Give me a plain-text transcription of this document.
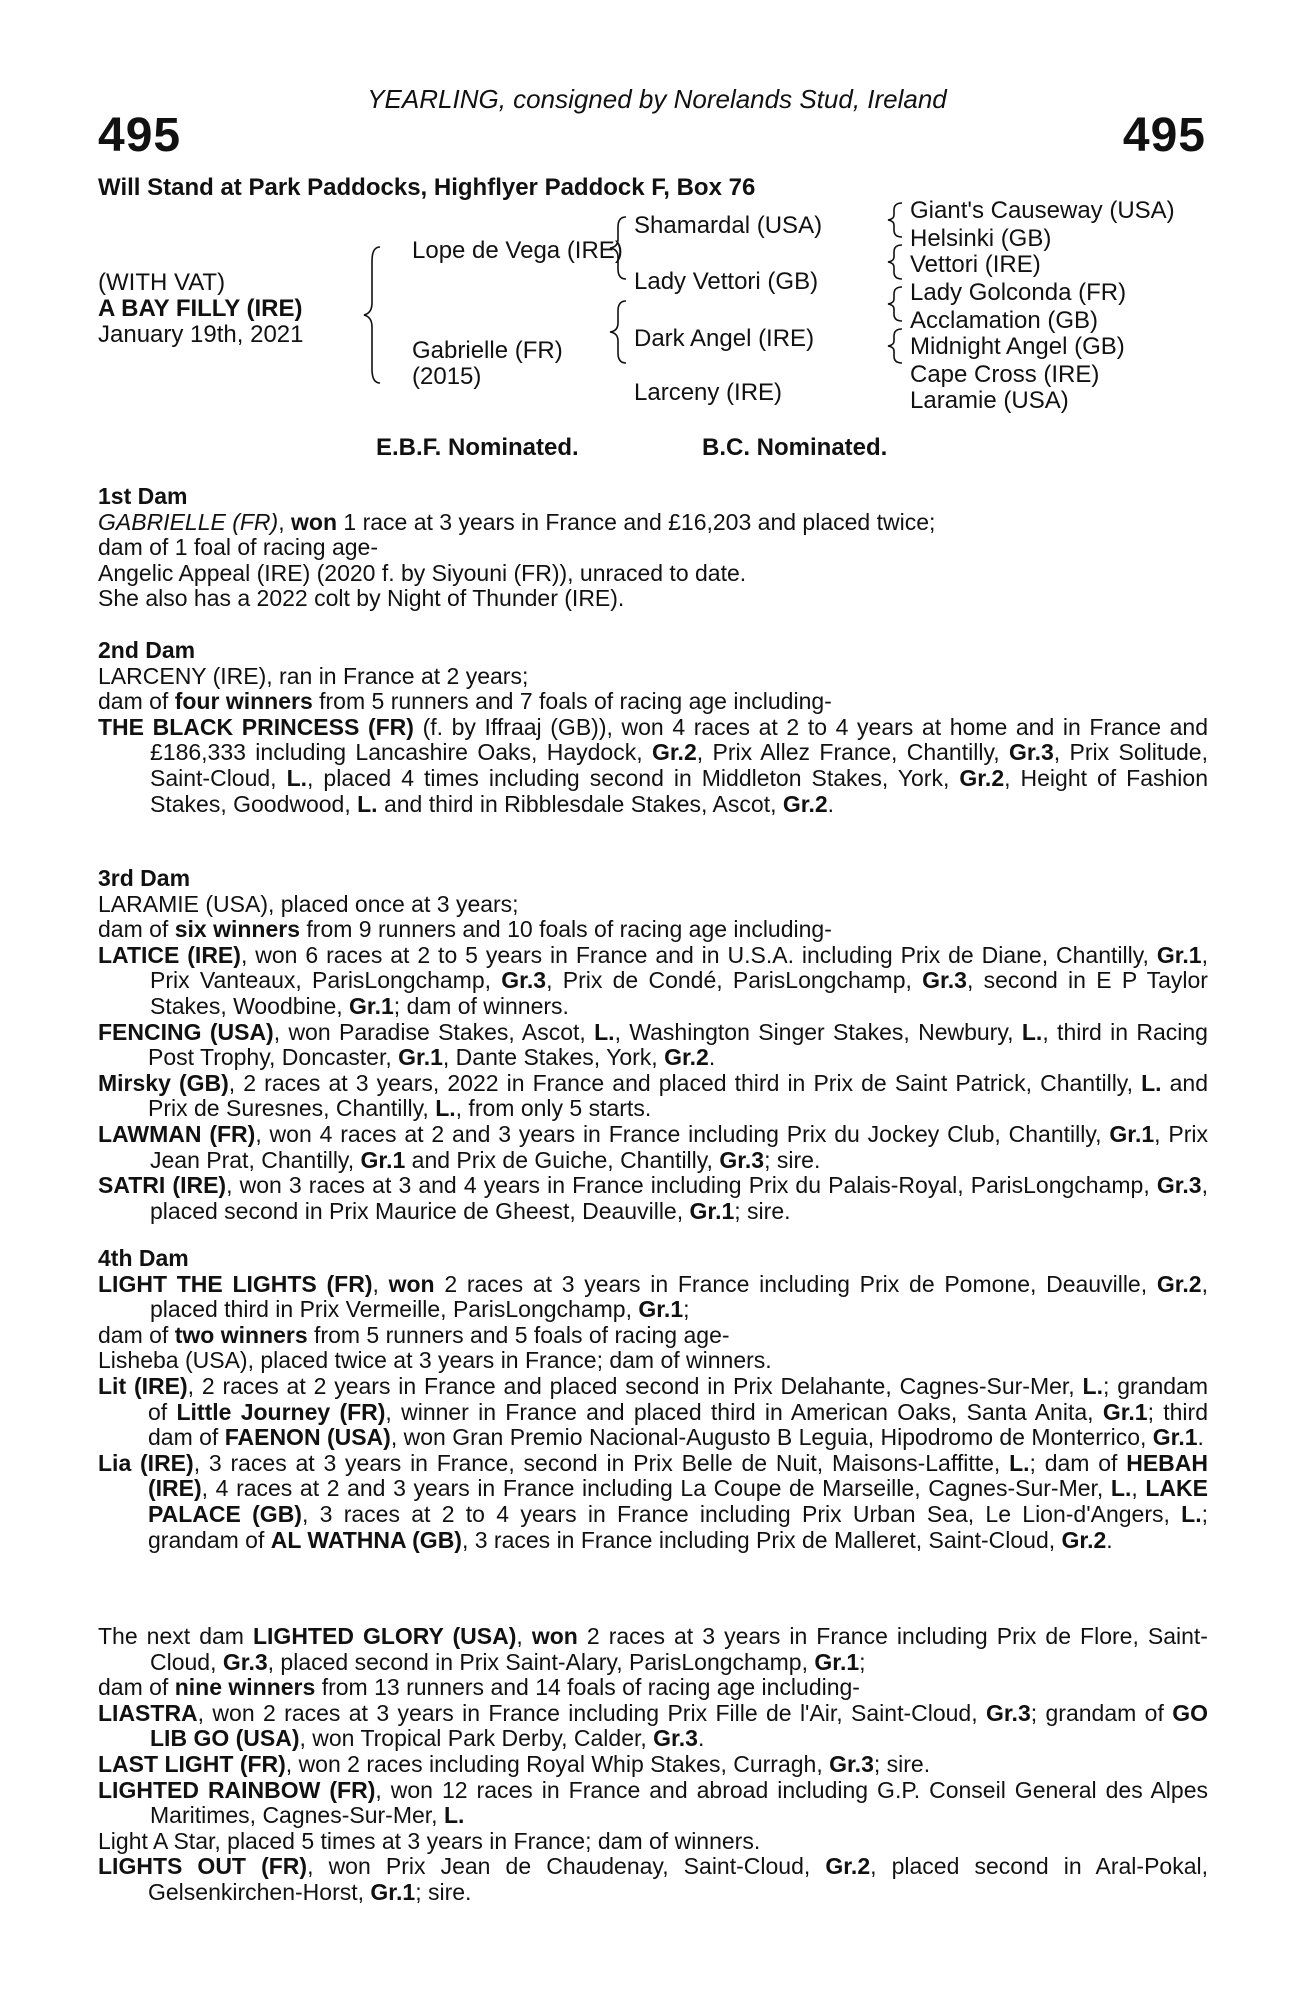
YEARLING, consigned by Norelands Stud, Ireland
495	495
Will Stand at Park Paddocks, Highflyer Paddock F, Box 76
(WITH VAT)
A BAY FILLY (IRE)
January 19th, 2021
Lope de Vega (IRE)
Gabrielle (FR)
(2015)
Shamardal (USA)
Lady Vettori (GB)
Dark Angel (IRE)
Larceny (IRE)
Giant's Causeway (USA)
Helsinki (GB)
Vettori (IRE)
Lady Golconda (FR)
Acclamation (GB)
Midnight Angel (GB)
Cape Cross (IRE)
Laramie (USA)
E.B.F. Nominated.	B.C. Nominated.
1st Dam

GABRIELLE (FR), won 1 race at 3 years in France and £16,203 and placed twice;

dam of 1 foal of racing age-

Angelic Appeal (IRE) (2020 f. by Siyouni (FR)), unraced to date.

She also has a 2022 colt by Night of Thunder (IRE).

2nd Dam

LARCENY (IRE), ran in France at 2 years;

dam of four winners from 5 runners and 7 foals of racing age including-

THE BLACK PRINCESS (FR) (f. by Iffraaj (GB)), won 4 races at 2 to 4 years at home and in France and £186,333 including Lancashire Oaks, Haydock, Gr.2, Prix Allez France, Chantilly, Gr.3, Prix Solitude, Saint-Cloud, L., placed 4 times including second in Middleton Stakes, York, Gr.2, Height of Fashion Stakes, Goodwood, L. and third in Ribblesdale Stakes, Ascot, Gr.2.

3rd Dam

LARAMIE (USA), placed once at 3 years;

dam of six winners from 9 runners and 10 foals of racing age including-

LATICE (IRE), won 6 races at 2 to 5 years in France and in U.S.A. including Prix de Diane, Chantilly, Gr.1, Prix Vanteaux, ParisLongchamp, Gr.3, Prix de Condé, ParisLongchamp, Gr.3, second in E P Taylor Stakes, Woodbine, Gr.1; dam of winners.

FENCING (USA), won Paradise Stakes, Ascot, L., Washington Singer Stakes, Newbury, L., third in Racing Post Trophy, Doncaster, Gr.1, Dante Stakes, York, Gr.2.

Mirsky (GB), 2 races at 3 years, 2022 in France and placed third in Prix de Saint Patrick, Chantilly, L. and Prix de Suresnes, Chantilly, L., from only 5 starts.

LAWMAN (FR), won 4 races at 2 and 3 years in France including Prix du Jockey Club, Chantilly, Gr.1, Prix Jean Prat, Chantilly, Gr.1 and Prix de Guiche, Chantilly, Gr.3; sire.

SATRI (IRE), won 3 races at 3 and 4 years in France including Prix du Palais-Royal, ParisLongchamp, Gr.3, placed second in Prix Maurice de Gheest, Deauville, Gr.1; sire.

4th Dam

LIGHT THE LIGHTS (FR), won 2 races at 3 years in France including Prix de Pomone, Deauville, Gr.2, placed third in Prix Vermeille, ParisLongchamp, Gr.1;

dam of two winners from 5 runners and 5 foals of racing age-

Lisheba (USA), placed twice at 3 years in France; dam of winners.

Lit (IRE), 2 races at 2 years in France and placed second in Prix Delahante, Cagnes-Sur-Mer, L.; grandam of Little Journey (FR), winner in France and placed third in American Oaks, Santa Anita, Gr.1; third dam of FAENON (USA), won Gran Premio Nacional-Augusto B Leguia, Hipodromo de Monterrico, Gr.1.

Lia (IRE), 3 races at 3 years in France, second in Prix Belle de Nuit, Maisons-Laffitte, L.; dam of HEBAH (IRE), 4 races at 2 and 3 years in France including La Coupe de Marseille, Cagnes-Sur-Mer, L., LAKE PALACE (GB), 3 races at 2 to 4 years in France including Prix Urban Sea, Le Lion-d'Angers, L.; grandam of AL WATHNA (GB), 3 races in France including Prix de Malleret, Saint-Cloud, Gr.2.

The next dam LIGHTED GLORY (USA), won 2 races at 3 years in France including Prix de Flore, Saint-Cloud, Gr.3, placed second in Prix Saint-Alary, ParisLongchamp, Gr.1;

dam of nine winners from 13 runners and 14 foals of racing age including-

LIASTRA, won 2 races at 3 years in France including Prix Fille de l'Air, Saint-Cloud, Gr.3; grandam of GO LIB GO (USA), won Tropical Park Derby, Calder, Gr.3.

LAST LIGHT (FR), won 2 races including Royal Whip Stakes, Curragh, Gr.3; sire.

LIGHTED RAINBOW (FR), won 12 races in France and abroad including G.P. Conseil General des Alpes Maritimes, Cagnes-Sur-Mer, L.

Light A Star, placed 5 times at 3 years in France; dam of winners.

LIGHTS OUT (FR), won Prix Jean de Chaudenay, Saint-Cloud, Gr.2, placed second in Aral-Pokal, Gelsenkirchen-Horst, Gr.1; sire.
